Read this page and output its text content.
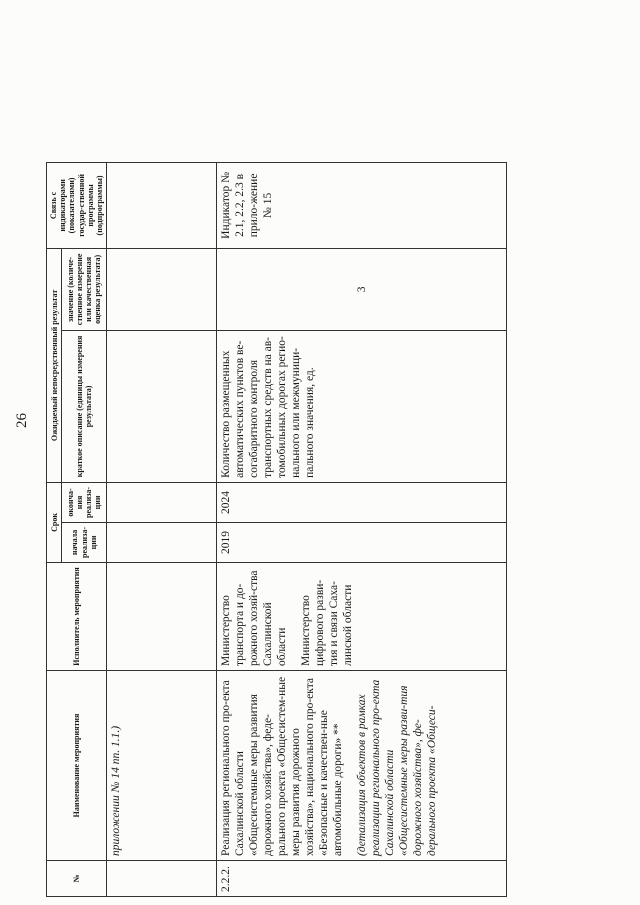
26
№	Наименование мероприятия	Исполнитель мероприятия	Срок		Ожидаемый непосредственный результат		Связь с индикаторами (показателями) государ-ственной программы (подпрограммы)
			начала реализа-ции	оконча-ния реализа-ции	краткое описание (единицы измерения результата)	значение (количе-ственное измерение или качественная оценка результата)	
	приложении № 14 пп. 1.1.)						
2.2.2.	Реализация регионального про-екта Сахалинской области «Общесистемные меры развития дорожного хозяйства», феде-рального проекта «Общесистем-ные меры развития дорожного хозяйства», национального про-екта «Безопасные и качествен-ные автомобильные дороги» ** (детализация объектов в рамках реализации регионального про-екта Сахалинской области «Общесистемные меры разви-тия дорожного хозяйства», фе-дерального проекта «Общеси-	Министерство транспорта и до-рожного хозяй-ства Сахалинской области Министерство цифрового разви-тия и связи Саха-линской области	2019	2024	Количество размещенных автоматических пунктов ве-согабаритного контроля транспортных средств на ав-томобильных дорогах регио-нального или межмуници-пального значения, ед.	3	Индикатор № 2.1, 2.2, 2.3 в прило-жение № 15
